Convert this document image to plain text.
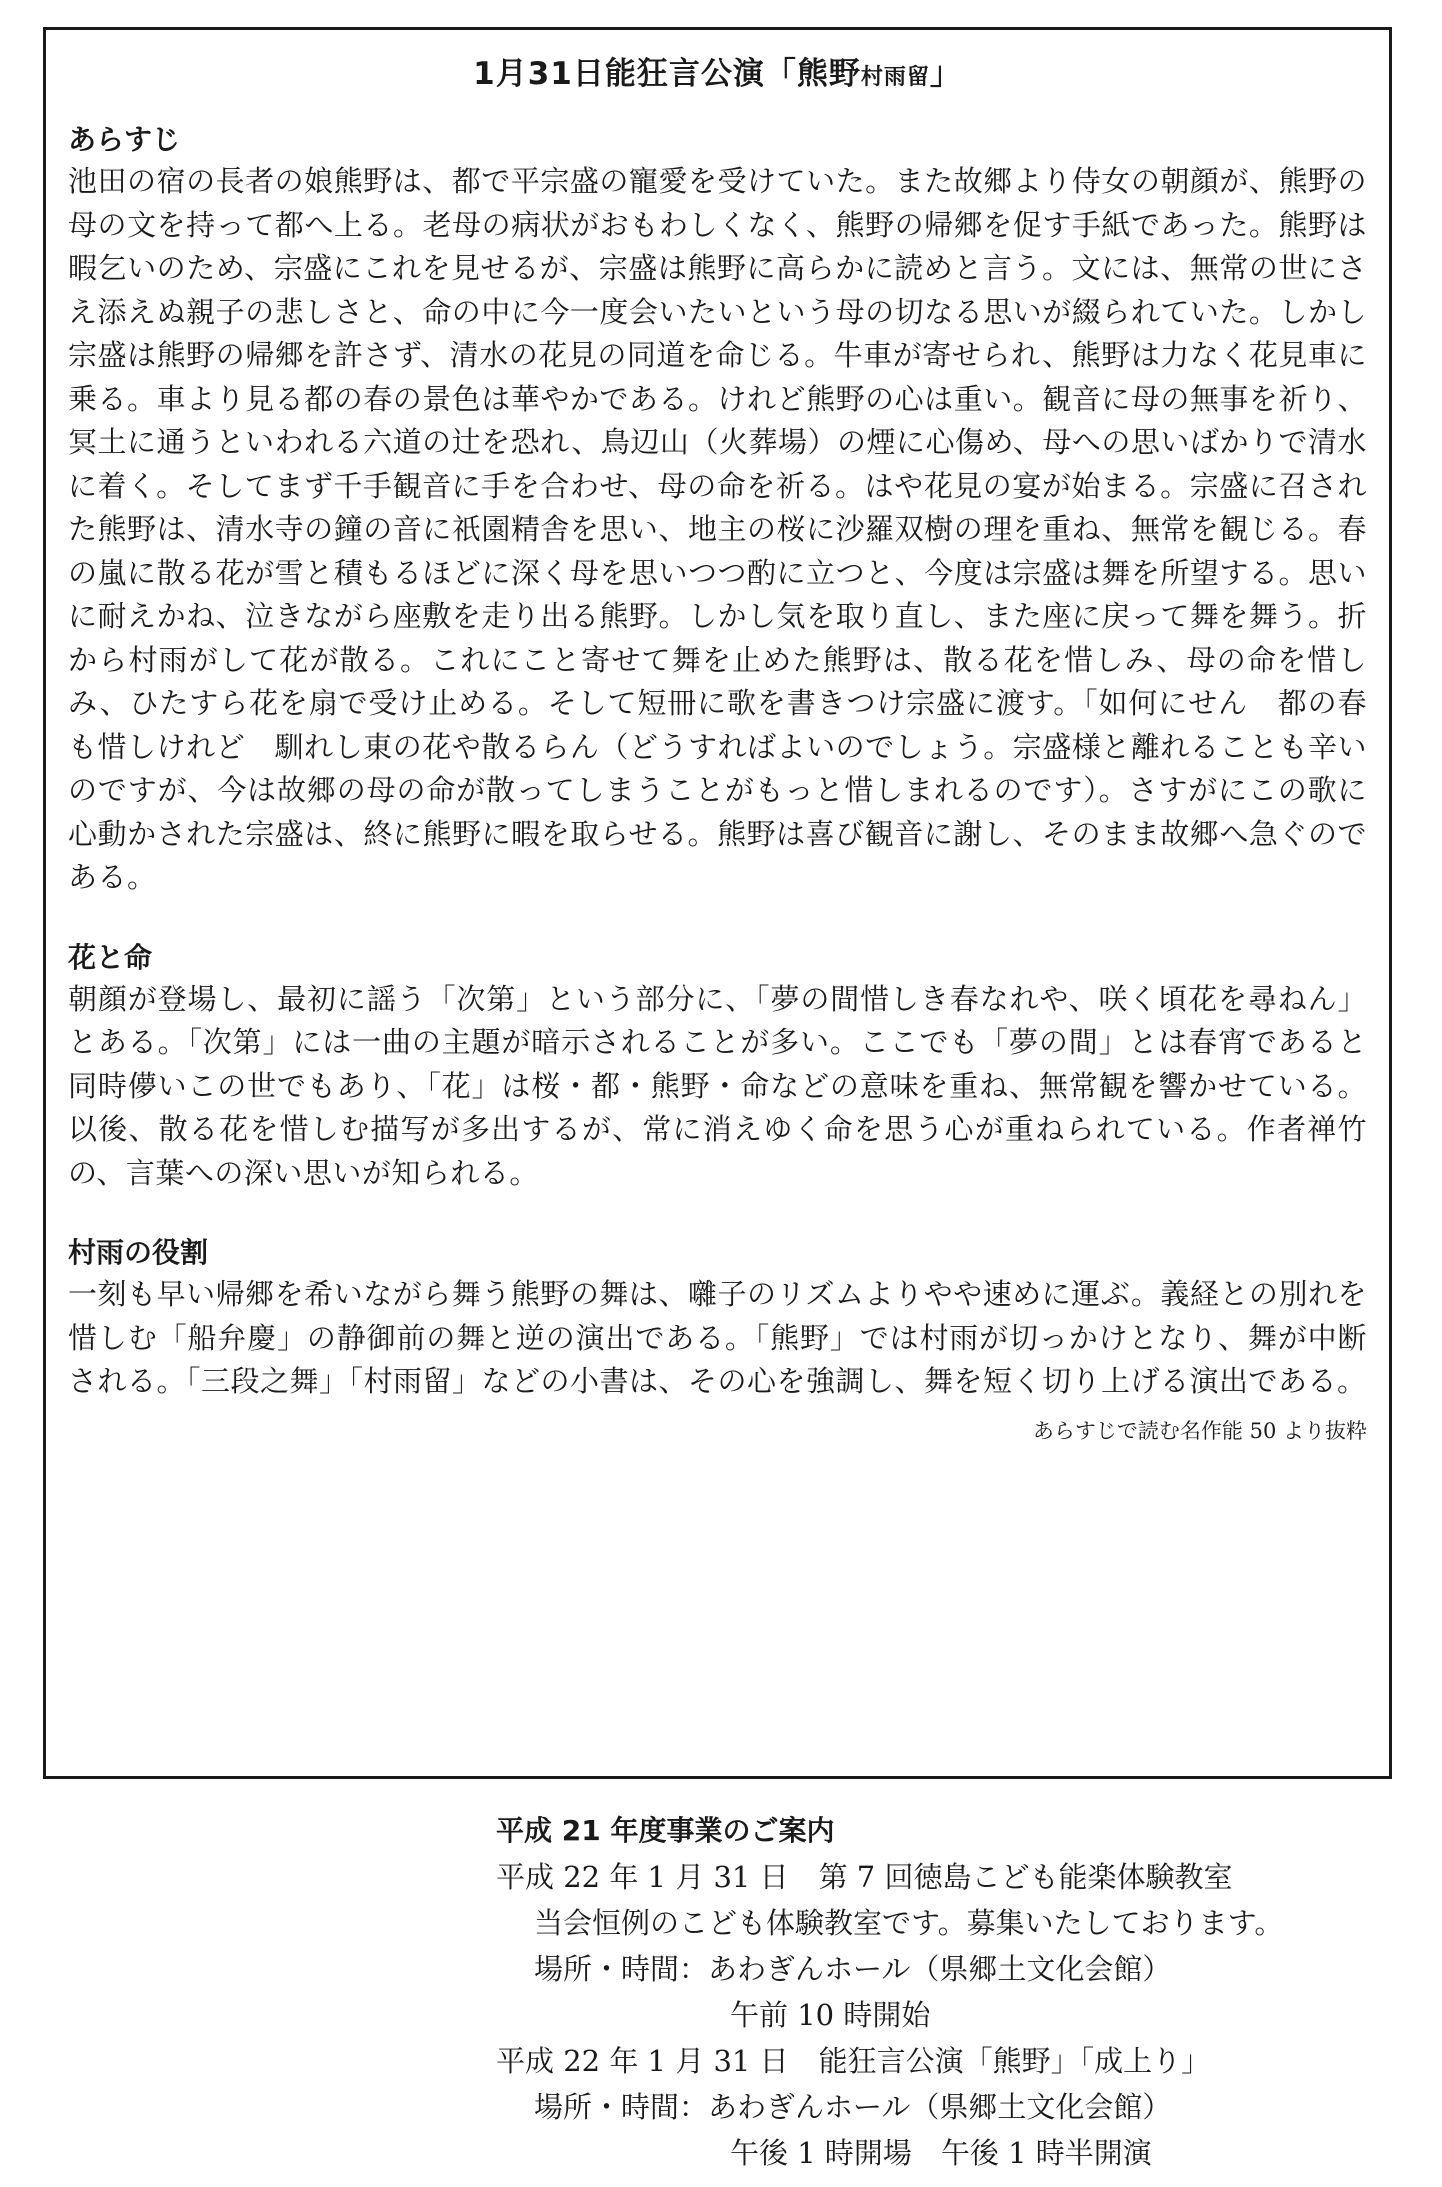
1月31日能狂言公演「熊野村雨留」
あらすじ

池田の宿の長者の娘熊野は、都で平宗盛の寵愛を受けていた。また故郷より侍女の朝顔が、熊野の母の文を持って都へ上る。老母の病状がおもわしくなく、熊野の帰郷を促す手紙であった。熊野は暇乞いのため、宗盛にこれを見せるが、宗盛は熊野に高らかに読めと言う。文には、無常の世にさえ添えぬ親子の悲しさと、命の中に今一度会いたいという母の切なる思いが綴られていた。しかし宗盛は熊野の帰郷を許さず、清水の花見の同道を命じる。牛車が寄せられ、熊野は力なく花見車に乗る。車より見る都の春の景色は華やかである。けれど熊野の心は重い。観音に母の無事を祈り、冥土に通うといわれる六道の辻を恐れ、鳥辺山（火葬場）の煙に心傷め、母への思いばかりで清水に着く。そしてまず千手観音に手を合わせ、母の命を祈る。はや花見の宴が始まる。宗盛に召された熊野は、清水寺の鐘の音に祇園精舎を思い、地主の桜に沙羅双樹の理を重ね、無常を観じる。春の嵐に散る花が雪と積もるほどに深く母を思いつつ酌に立つと、今度は宗盛は舞を所望する。思いに耐えかね、泣きながら座敷を走り出る熊野。しかし気を取り直し、また座に戻って舞を舞う。折から村雨がして花が散る。これにこと寄せて舞を止めた熊野は、散る花を惜しみ、母の命を惜しみ、ひたすら花を扇で受け止める。そして短冊に歌を書きつけ宗盛に渡す。「如何にせん　都の春も惜しけれど　馴れし東の花や散るらん（どうすればよいのでしょう。宗盛様と離れることも辛いのですが、今は故郷の母の命が散ってしまうことがもっと惜しまれるのです）。さすがにこの歌に心動かされた宗盛は、終に熊野に暇を取らせる。熊野は喜び観音に謝し、そのまま故郷へ急ぐのである。

花と命

朝顔が登場し、最初に謡う「次第」という部分に、「夢の間惜しき春なれや、咲く頃花を尋ねん」とある。「次第」には一曲の主題が暗示されることが多い。ここでも「夢の間」とは春宵であると同時儚いこの世でもあり、「花」は桜・都・熊野・命などの意味を重ね、無常観を響かせている。以後、散る花を惜しむ描写が多出するが、常に消えゆく命を思う心が重ねられている。作者禅竹の、言葉への深い思いが知られる。

村雨の役割

一刻も早い帰郷を希いながら舞う熊野の舞は、囃子のリズムよりやや速めに運ぶ。義経との別れを惜しむ「船弁慶」の静御前の舞と逆の演出である。「熊野」では村雨が切っかけとなり、舞が中断される。「三段之舞」「村雨留」などの小書は、その心を強調し、舞を短く切り上げる演出である。

あらすじで読む名作能 50 より抜粋
平成 21 年度事業のご案内
平成 22 年 1 月 31 日 第 7 回徳島こども能楽体験教室
当会恒例のこども体験教室です。募集いたしております。
場所・時間：あわぎんホール（県郷土文化会館）
午前 10 時開始
平成 22 年 1 月 31 日 能狂言公演「熊野」「成上り」
場所・時間：あわぎんホール（県郷土文化会館）
午後 1 時開場　午後 1 時半開演
